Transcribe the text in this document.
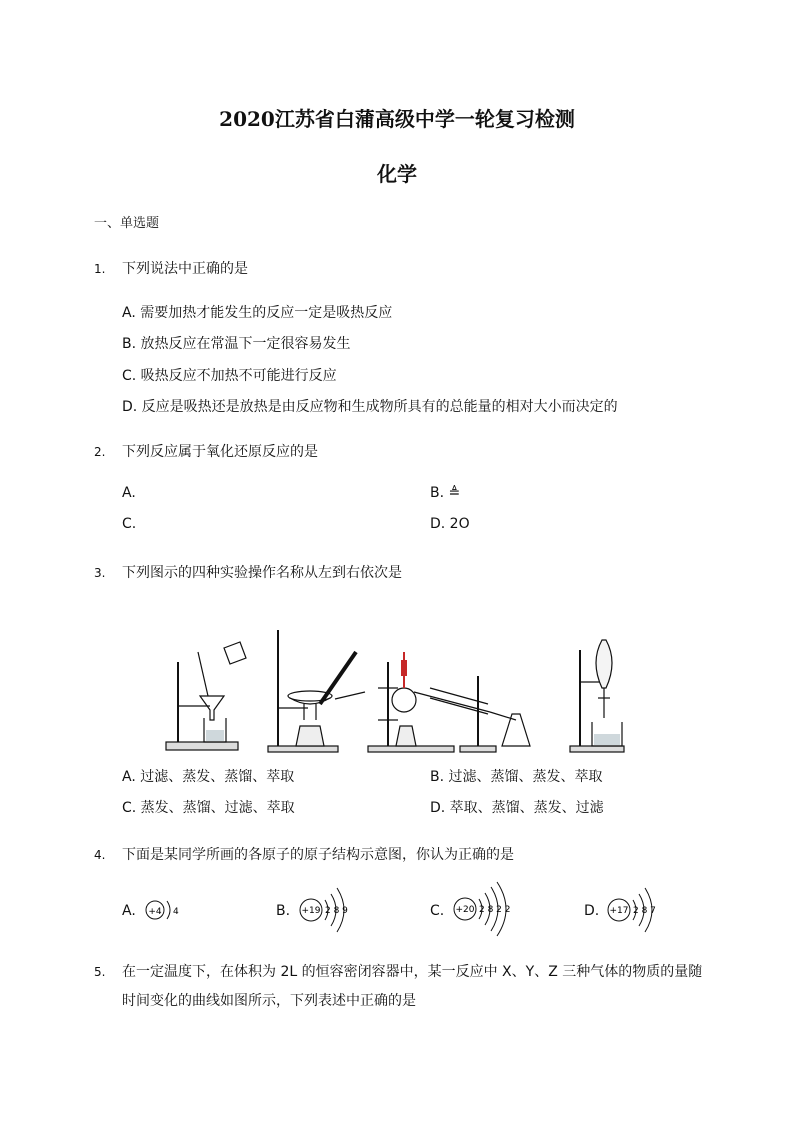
2020江苏省白蒲高级中学一轮复习检测
化学
一、单选题
1. 下列说法中正确的是
A. 需要加热才能发生的反应一定是吸热反应
B. 放热反应在常温下一定很容易发生
C. 吸热反应不加热不可能进行反应
D. 反应是吸热还是放热是由反应物和生成物所具有的总能量的相对大小而决定的
2. 下列反应属于氧化还原反应的是
A.	B. ≜
C.	D. 2O
3. 下列图示的四种实验操作名称从左到右依次是
A. 过滤、蒸发、蒸馏、萃取	B. 过滤、蒸馏、蒸发、萃取
C. 蒸发、蒸馏、过滤、萃取	D. 萃取、蒸馏、蒸发、过滤
4. 下面是某同学所画的各原子的原子结构示意图，你认为正确的是
A. +4 4	B. +19 2 8 9	C. +20 2 8 2 2	D. +17 2 8 7
5. 在一定温度下，在体积为 2L 的恒容密闭容器中，某一反应中 X、Y、Z 三种气体的物质的量随
时间变化的曲线如图所示，下列表述中正确的是
